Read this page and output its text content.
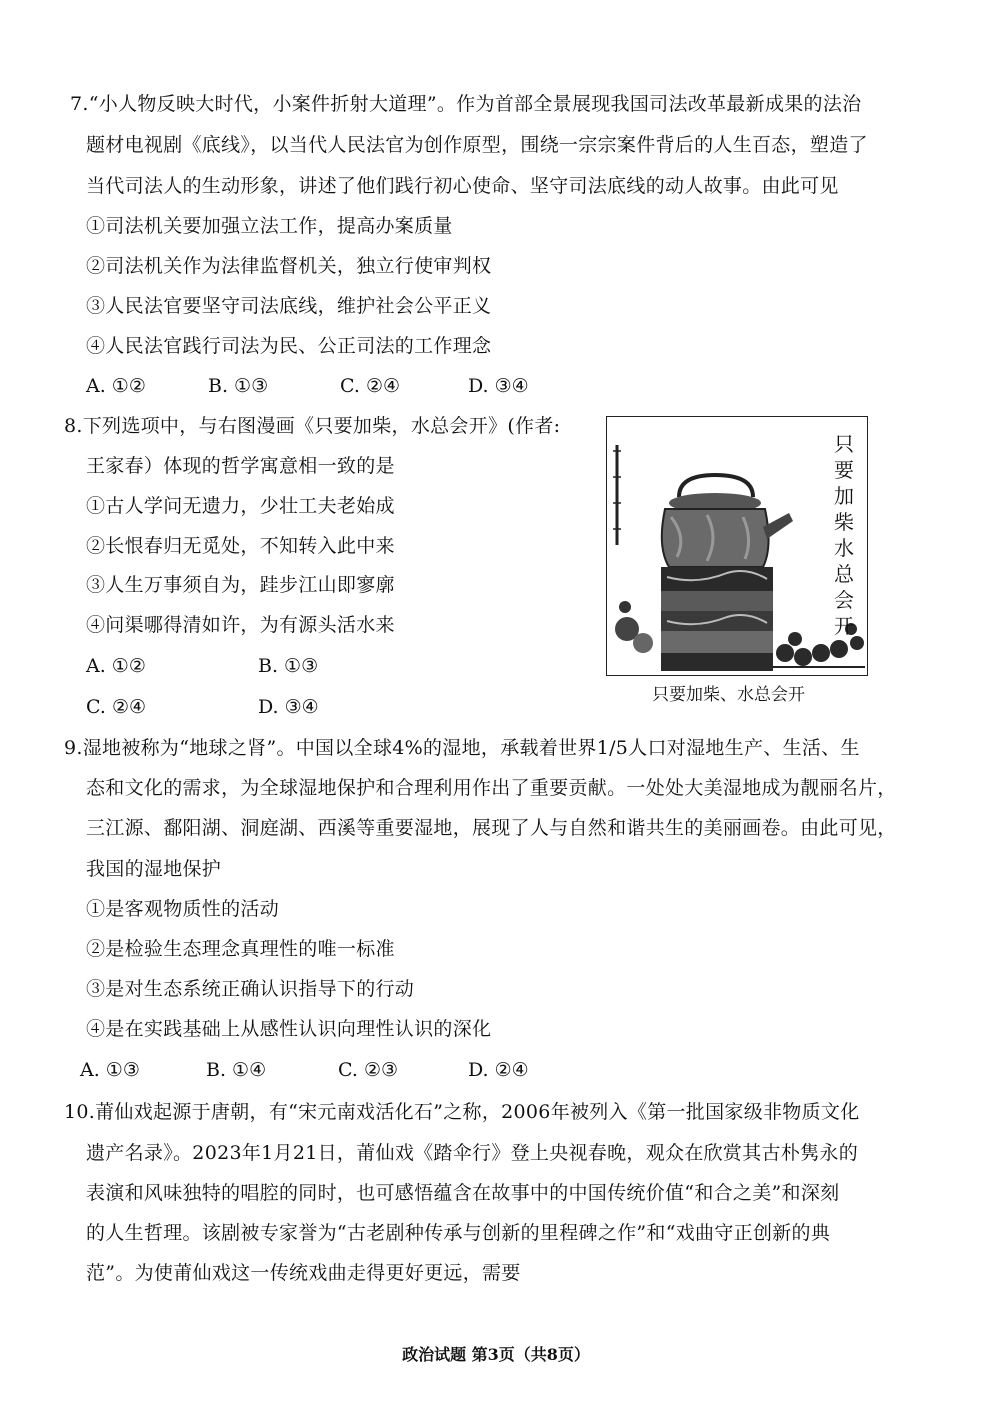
7.“小人物反映大时代，小案件折射大道理”。作为首部全景展现我国司法改革最新成果的法治
题材电视剧《底线》，以当代人民法官为创作原型，围绕一宗宗案件背后的人生百态，塑造了
当代司法人的生动形象，讲述了他们践行初心使命、坚守司法底线的动人故事。由此可见
①司法机关要加强立法工作，提高办案质量
②司法机关作为法律监督机关，独立行使审判权
③人民法官要坚守司法底线，维护社会公平正义
④人民法官践行司法为民、公正司法的工作理念
A. ①②	B. ①③	C. ②④	D. ③④
8.下列选项中，与右图漫画《只要加柴，水总会开》(作者:
王家春）体现的哲学寓意相一致的是
①古人学问无遗力，少壮工夫老始成
②长恨春归无觅处，不知转入此中来
③人生万事须自为，跬步江山即寥廓
④问渠哪得清如许，为有源头活水来
A. ①②	B. ①③
C. ②④	D. ③④
只
要
加
柴
水
总
会
开
只要加柴、水总会开
9.湿地被称为“地球之肾”。中国以全球4%的湿地，承载着世界1/5人口对湿地生产、生活、生
态和文化的需求，为全球湿地保护和合理利用作出了重要贡献。一处处大美湿地成为靓丽名片，
三江源、鄱阳湖、洞庭湖、西溪等重要湿地，展现了人与自然和谐共生的美丽画卷。由此可见，
我国的湿地保护
①是客观物质性的活动
②是检验生态理念真理性的唯一标准
③是对生态系统正确认识指导下的行动
④是在实践基础上从感性认识向理性认识的深化
A. ①③	B. ①④	C. ②③	D. ②④
10.莆仙戏起源于唐朝，有“宋元南戏活化石”之称，2006年被列入《第一批国家级非物质文化
遗产名录》。2023年1月21日，莆仙戏《踏伞行》登上央视春晚，观众在欣赏其古朴隽永的
表演和风味独特的唱腔的同时，也可感悟蕴含在故事中的中国传统价值“和合之美”和深刻
的人生哲理。该剧被专家誉为“古老剧种传承与创新的里程碑之作”和“戏曲守正创新的典
范”。为使莆仙戏这一传统戏曲走得更好更远，需要
政治试题 第3页（共8页）
